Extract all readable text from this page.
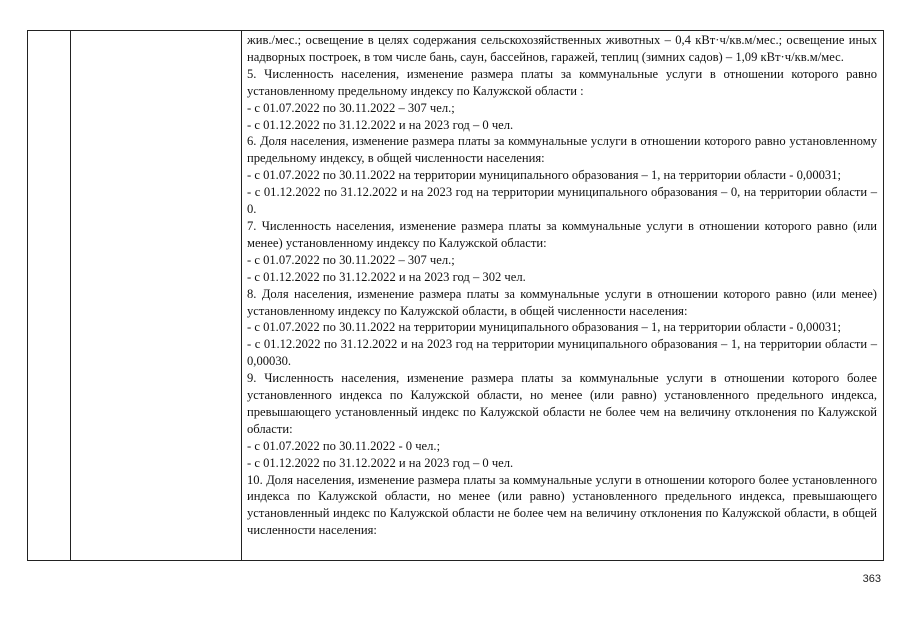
жив./мес.; освещение в целях содержания сельскохозяйственных животных – 0,4 кВт·ч/кв.м/мес.; освещение иных надворных построек, в том числе бань, саун, бассейнов, гаражей, теплиц (зимних садов) – 1,09 кВт·ч/кв.м/мес.

5. Численность населения, изменение размера платы за коммунальные услуги в отношении которого равно установленному предельному индексу по Калужской области :

- с 01.07.2022 по 30.11.2022 – 307 чел.;

- с 01.12.2022 по 31.12.2022 и на 2023 год – 0 чел.

6. Доля населения, изменение размера платы за коммунальные услуги в отношении которого равно установленному предельному индексу, в общей численности населения:

- с 01.07.2022 по 30.11.2022 на территории муниципального образования – 1, на территории области - 0,00031;

- с 01.12.2022 по 31.12.2022 и на 2023 год на территории муниципального образования – 0, на территории области – 0.

7. Численность населения, изменение размера платы за коммунальные услуги в отношении которого равно (или менее) установленному индексу по Калужской области:

- с 01.07.2022 по 30.11.2022 – 307 чел.;

- с 01.12.2022 по 31.12.2022 и на 2023 год – 302 чел.

8. Доля населения, изменение размера платы за коммунальные услуги в отношении которого равно (или менее) установленному индексу по Калужской области, в общей численности населения:

- с 01.07.2022 по 30.11.2022 на территории муниципального образования – 1, на территории области - 0,00031;

- с 01.12.2022 по 31.12.2022 и на 2023 год на территории муниципального образования – 1, на территории области – 0,00030.

9. Численность населения, изменение размера платы за коммунальные услуги в отношении которого более установленного индекса по Калужской области, но менее (или равно) установленного предельного индекса, превышающего установленный индекс по Калужской области не более чем на величину отклонения по Калужской области:

- с 01.07.2022 по 30.11.2022 - 0 чел.;

- с 01.12.2022 по 31.12.2022 и на 2023 год – 0 чел.

10. Доля населения, изменение размера платы за коммунальные услуги в отношении которого более установленного индекса по Калужской области, но менее (или равно) установленного предельного индекса, превышающего установленный индекс по Калужской области не более чем на величину отклонения по Калужской области, в общей численности населения:

363
